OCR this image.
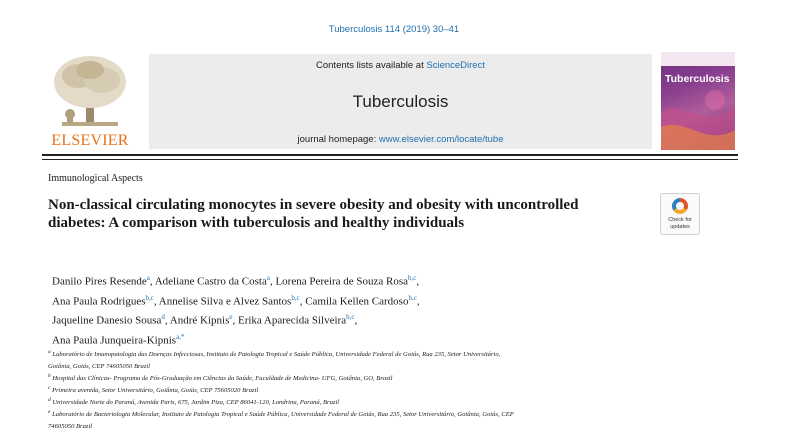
Tuberculosis 114 (2019) 30–41
ELSEVIER
Contents lists available at ScienceDirect
Tuberculosis
journal homepage: www.elsevier.com/locate/tube
Tuberculosis
Immunological Aspects
Non-classical circulating monocytes in severe obesity and obesity with uncontrolled diabetes: A comparison with tuberculosis and healthy individuals	Check for updates
Danilo Pires Resende$^a$, Adeliane Castro da Costa$^a$, Lorena Pereira de Souza Rosa$^{b,c}$,
Ana Paula Rodrigues$^{b,c}$, Annelise Silva e Alvez Santos$^{b,c}$, Camila Kellen Cardoso$^{b,c}$,
Jaqueline Danesio Sousa$^d$, André Kipnis$^e$, Erika Aparecida Silveira$^{b,c}$,
Ana Paula Junqueira-Kipnis$^{a,*}$
$^a$ Laboratório de Imunopatologia das Doenças Infecciosas, Instituto de Patologia Tropical e Saúde Pública, Universidade Federal de Goiás, Rua 235, Setor Universitário,
Goiânia, Goiás, CEP 74605050 Brazil
$^b$ Hospital das Clínicas- Programa de Pós-Graduação em Ciências da Saúde, Faculdade de Medicina- UFG, Goiânia, GO, Brazil
$^c$ Primeira avenida, Setor Universitário, Goiânia, Goiás, CEP 75605020 Brazil
$^d$ Universidade Norte do Paraná, Avenida Paris, 675, Jardim Piza, CEP 86041-120, Londrina, Paraná, Brazil
$^e$ Laboratório de Bacteriologia Molecular, Instituto de Patologia Tropical e Saúde Pública, Universidade Federal de Goiás, Rua 235, Setor Universitário, Goiânia, Goiás, CEP
74605050 Brazil
